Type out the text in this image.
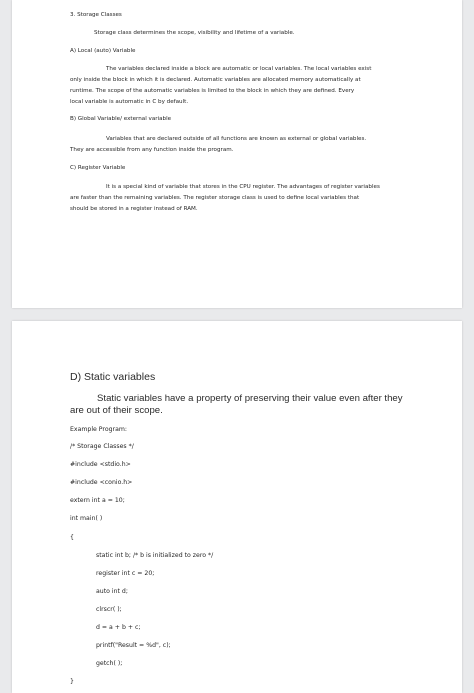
3. Storage Classes
Storage class determines the scope, visibility and lifetime of a variable.
A) Local (auto) Variable
The variables declared inside a block are automatic or local variables. The local variables exist
only inside the block in which it is declared. Automatic variables are allocated memory automatically at
runtime. The scope of the automatic variables is limited to the block in which they are defined. Every
local variable is automatic in C by default.
B) Global Variable/ external variable
Variables that are declared outside of all functions are known as external or global variables.
They are accessible from any function inside the program.
C) Register Variable
It is a special kind of variable that stores in the CPU register. The advantages of register variables
are faster than the remaining variables. The register storage class is used to define local variables that
should be stored in a register instead of RAM.
D) Static variables
Static variables have a property of preserving their value even after they
are out of their scope.
Example Program:
/* Storage Classes */
#include <stdio.h>
#include <conio.h>
extern int a = 10;
int main( )
{
static int b; /* b is initialized to zero */
register int c = 20;
auto int d;
clrscr( );
d = a + b + c;
printf("Result = %d", c);
getch( );
}
